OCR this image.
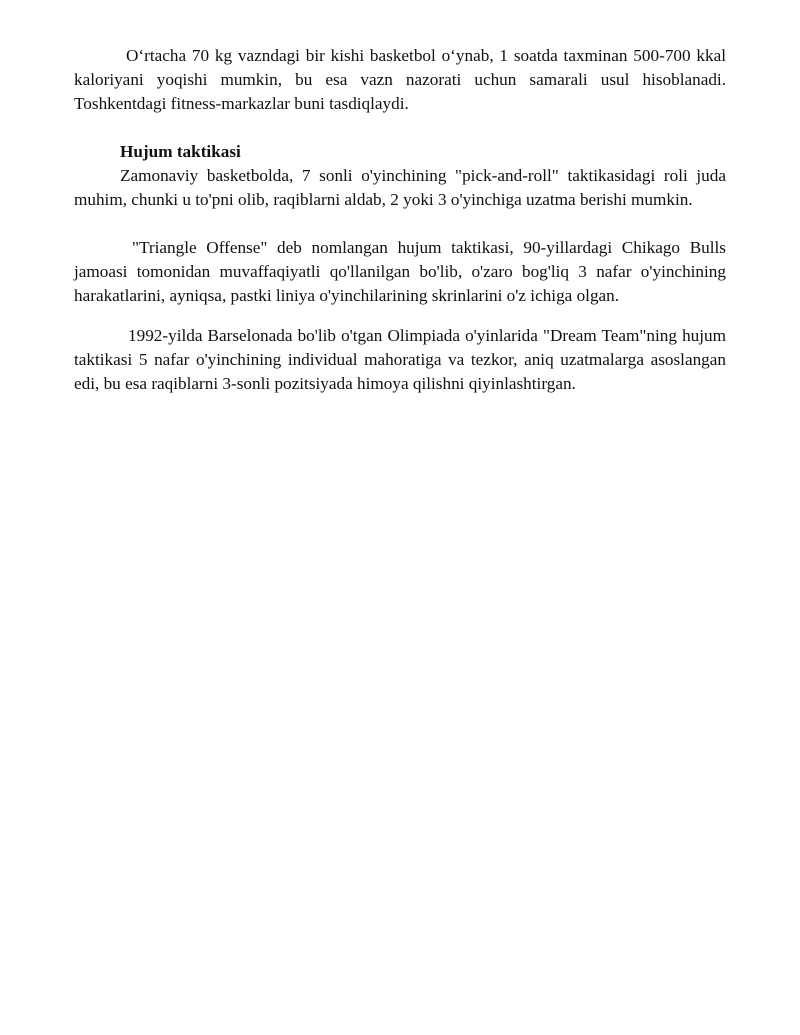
O‘rtacha 70 kg vazndagi bir kishi basketbol o‘ynab, 1 soatda taxminan 500-700 kkal kaloriyani yoqishi mumkin, bu esa vazn nazorati uchun samarali usul hisoblanadi. Toshkentdagi fitness-markazlar buni tasdiqlaydi.

Hujum taktikasi

Zamonaviy basketbolda, 7 sonli o'yinchining "pick-and-roll" taktikasidagi roli juda muhim, chunki u to'pni olib, raqiblarni aldab, 2 yoki 3 o'yinchiga uzatma berishi mumkin.

"Triangle Offense" deb nomlangan hujum taktikasi, 90-yillardagi Chikago Bulls jamoasi tomonidan muvaffaqiyatli qo'llanilgan bo'lib, o'zaro bog'liq 3 nafar o'yinchining harakatlarini, ayniqsa, pastki liniya o'yinchilarining skrinlarini o'z ichiga olgan.

1992-yilda Barselonada bo'lib o'tgan Olimpiada o'yinlarida "Dream Team"ning hujum taktikasi 5 nafar o'yinchining individual mahoratiga va tezkor, aniq uzatmalarga asoslangan edi, bu esa raqiblarni 3-sonli pozitsiyada himoya qilishni qiyinlashtirgan.
